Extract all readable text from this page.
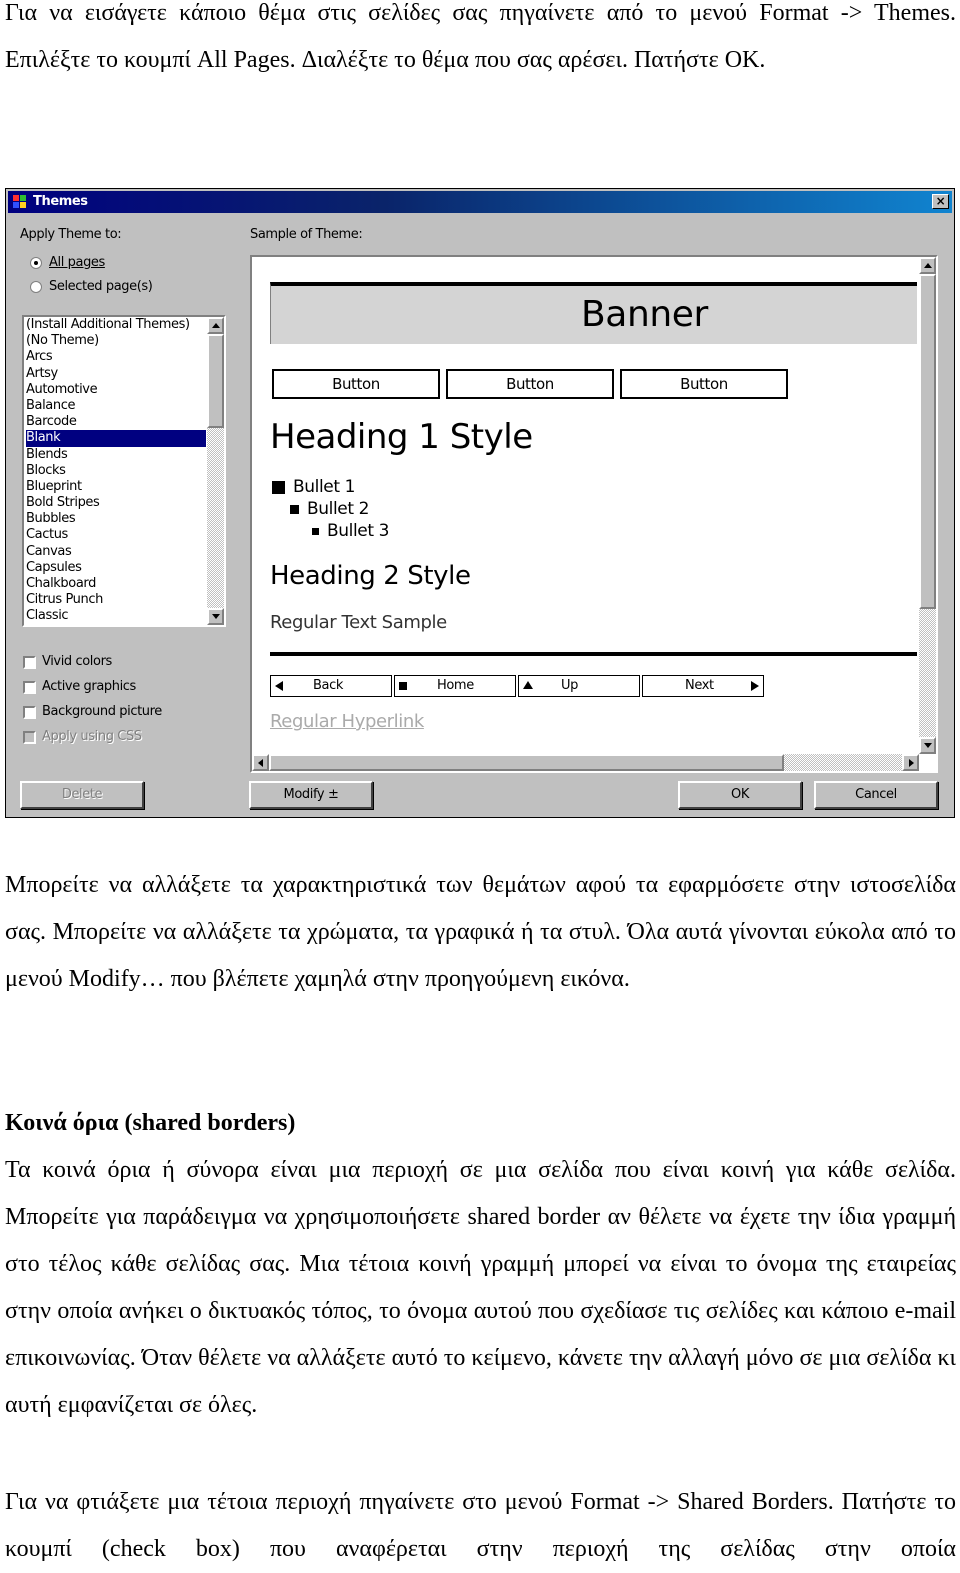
Για να εισάγετε κάποιο θέμα στις σελίδες σας πηγαίνετε από το μενού Format -> Themes. Επιλέξτε το κουμπί All Pages. Διαλέξτε το θέμα που σας αρέσει. Πατήστε OK.

Themes	×
Apply Theme to:
All pages
Selected page(s)
(Install Additional Themes)
(No Theme)
Arcs
Artsy
Automotive
Balance
Barcode
Blank
Blends
Blocks
Blueprint
Bold Stripes
Bubbles
Cactus
Canvas
Capsules
Chalkboard
Citrus Punch
Classic
Vivid colors
Active graphics
Background picture
Apply using CSS
Delete	Modify ±	OK	Cancel
Sample of Theme:
Banner
Button	Button	Button
Heading 1 Style
Bullet 1
Bullet 2
Bullet 3
Heading 2 Style
Regular Text Sample
Back	Home	Up	Next
Regular Hyperlink

Μπορείτε να αλλάξετε τα χαρακτηριστικά των θεμάτων αφού τα εφαρμόσετε στην ιστοσελίδα σας. Μπορείτε να αλλάξετε τα χρώματα, τα γραφικά ή τα στυλ. Όλα αυτά γίνονται εύκολα από το μενού Modify… που βλέπετε χαμηλά στην προηγούμενη εικόνα.

Κοινά όρια (shared borders)

Τα κοινά όρια ή σύνορα είναι μια περιοχή σε μια σελίδα που είναι κοινή για κάθε σελίδα. Μπορείτε για παράδειγμα να χρησιμοποιήσετε shared border αν θέλετε να έχετε την ίδια γραμμή στο τέλος κάθε σελίδας σας. Μια τέτοια κοινή γραμμή μπορεί να είναι το όνομα της εταιρείας στην οποία ανήκει ο δικτυακός τόπος, το όνομα αυτού που σχεδίασε τις σελίδες και κάποιο e-mail επικοινωνίας. Όταν θέλετε να αλλάξετε αυτό το κείμενο, κάνετε την αλλαγή μόνο σε μια σελίδα κι αυτή εμφανίζεται σε όλες.

Για να φτιάξετε μια τέτοια περιοχή πηγαίνετε στο μενού Format -> Shared Borders. Πατήστε το κουμπί (check box) που αναφέρεται στην περιοχή της σελίδας στην οποία
